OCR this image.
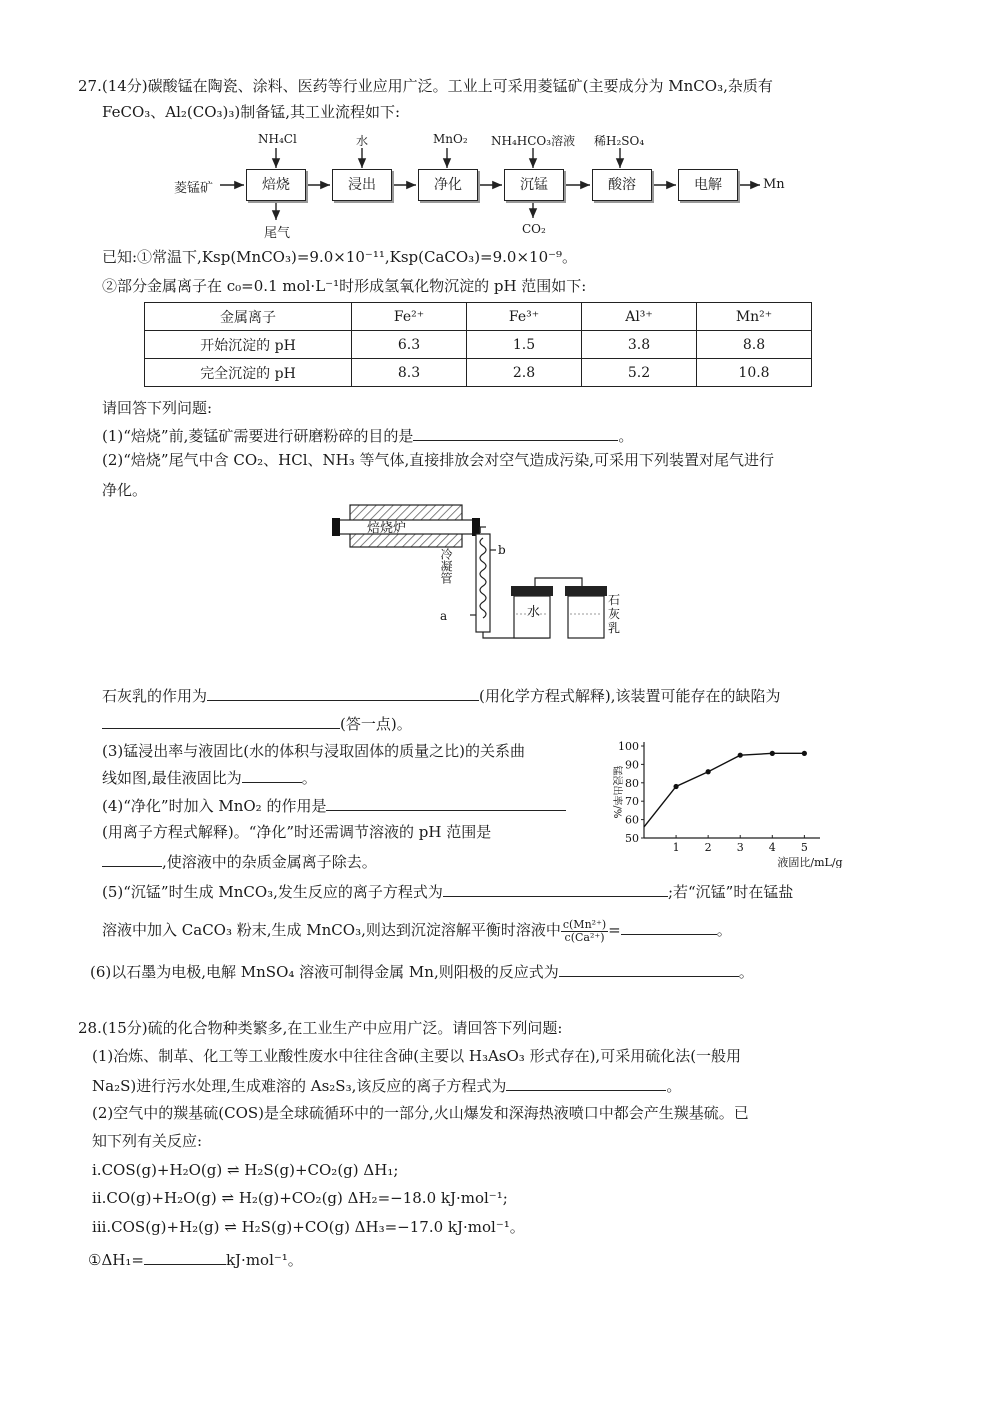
27.(14分)碳酸锰在陶瓷、涂料、医药等行业应用广泛。工业上可采用菱锰矿(主要成分为 MnCO₃,杂质有
FeCO₃、Al₂(CO₃)₃)制备锰,其工业流程如下:
菱锰矿	Mn
焙烧	浸出	净化	沉锰	酸溶	电解
NH₄Cl	水	MnO₂ NH₄HCO₃溶液 稀H₂SO₄
尾气	CO₂
已知:①常温下,Ksp(MnCO₃)=9.0×10⁻¹¹,Ksp(CaCO₃)=9.0×10⁻⁹。
②部分金属离子在 c₀=0.1 mol·L⁻¹时形成氢氧化物沉淀的 pH 范围如下:
金属离子	Fe²⁺	Fe³⁺	Al³⁺	Mn²⁺
开始沉淀的 pH	6.3	1.5	3.8	8.8
完全沉淀的 pH	8.3	2.8	5.2	10.8
请回答下列问题:
(1)“焙烧”前,菱锰矿需要进行研磨粉碎的目的是	。
(2)“焙烧”尾气中含 CO₂、HCl、NH₃ 等气体,直接排放会对空气造成污染,可采用下列装置对尾气进行
净化。
焙烧炉
冷凝管	b
a	水
石
灰
乳
石灰乳的作用为	(用化学方程式解释),该装置可能存在的缺陷为
(答一点)。
(3)锰浸出率与液固比(水的体积与浸取固体的质量之比)的关系曲
线如图,最佳液固比为	。
(4)“净化”时加入 MnO₂ 的作用是
(用离子方程式解释)。“净化”时还需调节溶液的 pH 范围是
,使溶液中的杂质金属离子除去。
50
60
70
80
90
100
1 2 3 4 5
液固比/mL/g
锰浸出率/%
(5)“沉锰”时生成 MnCO₃,发生反应的离子方程式为	;若“沉锰”时在锰盐
溶液中加入 CaCO₃ 粉末,生成 MnCO₃,则达到沉淀溶解平衡时溶液中 $\frac{\text{c(Mn²⁺)}}{\text{c(Ca²⁺)}}$ =	。
(6)以石墨为电极,电解 MnSO₄ 溶液可制得金属 Mn,则阳极的反应式为	。
28.(15分)硫的化合物种类繁多,在工业生产中应用广泛。请回答下列问题:
(1)冶炼、制革、化工等工业酸性废水中往往含砷(主要以 H₃AsO₃ 形式存在),可采用硫化法(一般用
Na₂S)进行污水处理,生成难溶的 As₂S₃,该反应的离子方程式为	。
(2)空气中的羰基硫(COS)是全球硫循环中的一部分,火山爆发和深海热液喷口中都会产生羰基硫。已
知下列有关反应:
ⅰ.COS(g)+H₂O(g) ⇌ H₂S(g)+CO₂(g) ΔH₁;
ⅱ.CO(g)+H₂O(g) ⇌ H₂(g)+CO₂(g) ΔH₂=−18.0 kJ·mol⁻¹;
ⅲ.COS(g)+H₂(g) ⇌ H₂S(g)+CO(g) ΔH₃=−17.0 kJ·mol⁻¹。
①ΔH₁=	kJ·mol⁻¹。
